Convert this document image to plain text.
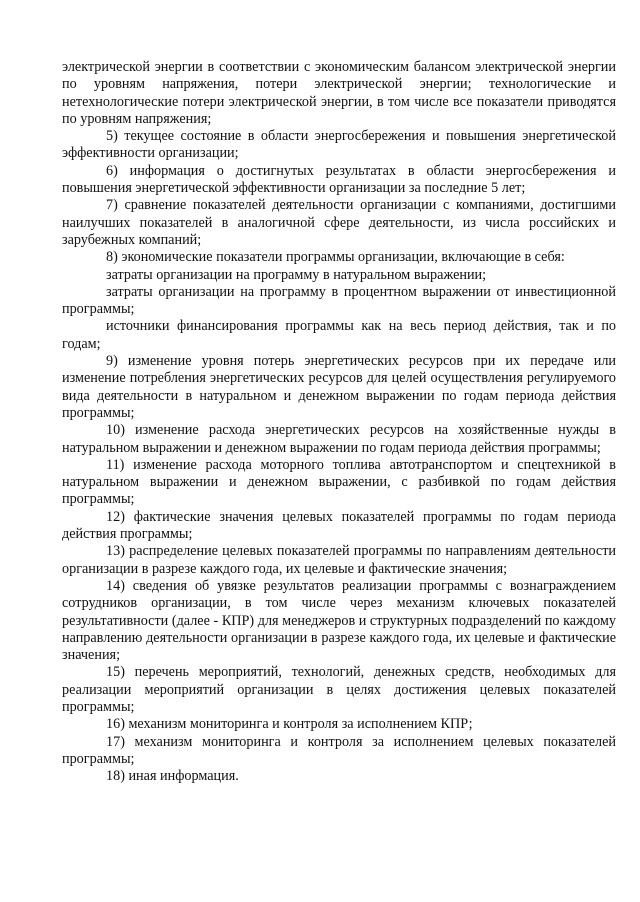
электрической энергии в соответствии с экономическим балансом электрической энергии по уровням напряжения, потери электрической энергии; технологические и нетехнологические потери электрической энергии, в том числе все показатели приводятся по уровням напряжения;

5) текущее состояние в области энергосбережения и повышения энергетической эффективности организации;

6) информация о достигнутых результатах в области энергосбережения и повышения энергетической эффективности организации за последние 5 лет;

7) сравнение показателей деятельности организации с компаниями, достигшими наилучших показателей в аналогичной сфере деятельности, из числа российских и зарубежных компаний;

8) экономические показатели программы организации, включающие в себя:

затраты организации на программу в натуральном выражении;

затраты организации на программу в процентном выражении от инвестиционной программы;

источники финансирования программы как на весь период действия, так и по годам;

9) изменение уровня потерь энергетических ресурсов при их передаче или изменение потребления энергетических ресурсов для целей осуществления регулируемого вида деятельности в натуральном и денежном выражении по годам периода действия программы;

10) изменение расхода энергетических ресурсов на хозяйственные нужды в натуральном выражении и денежном выражении по годам периода действия программы;

11) изменение расхода моторного топлива автотранспортом и спецтехникой в натуральном выражении и денежном выражении, с разбивкой по годам действия программы;

12) фактические значения целевых показателей программы по годам периода действия программы;

13) распределение целевых показателей программы по направлениям деятельности организации в разрезе каждого года, их целевые и фактические значения;

14) сведения об увязке результатов реализации программы с вознаграждением сотрудников организации, в том числе через механизм ключевых показателей результативности (далее - КПР) для менеджеров и структурных подразделений по каждому направлению деятельности организации в разрезе каждого года, их целевые и фактические значения;

15) перечень мероприятий, технологий, денежных средств, необходимых для реализации мероприятий организации в целях достижения целевых показателей программы;

16) механизм мониторинга и контроля за исполнением КПР;

17) механизм мониторинга и контроля за исполнением целевых показателей программы;

18) иная информация.
